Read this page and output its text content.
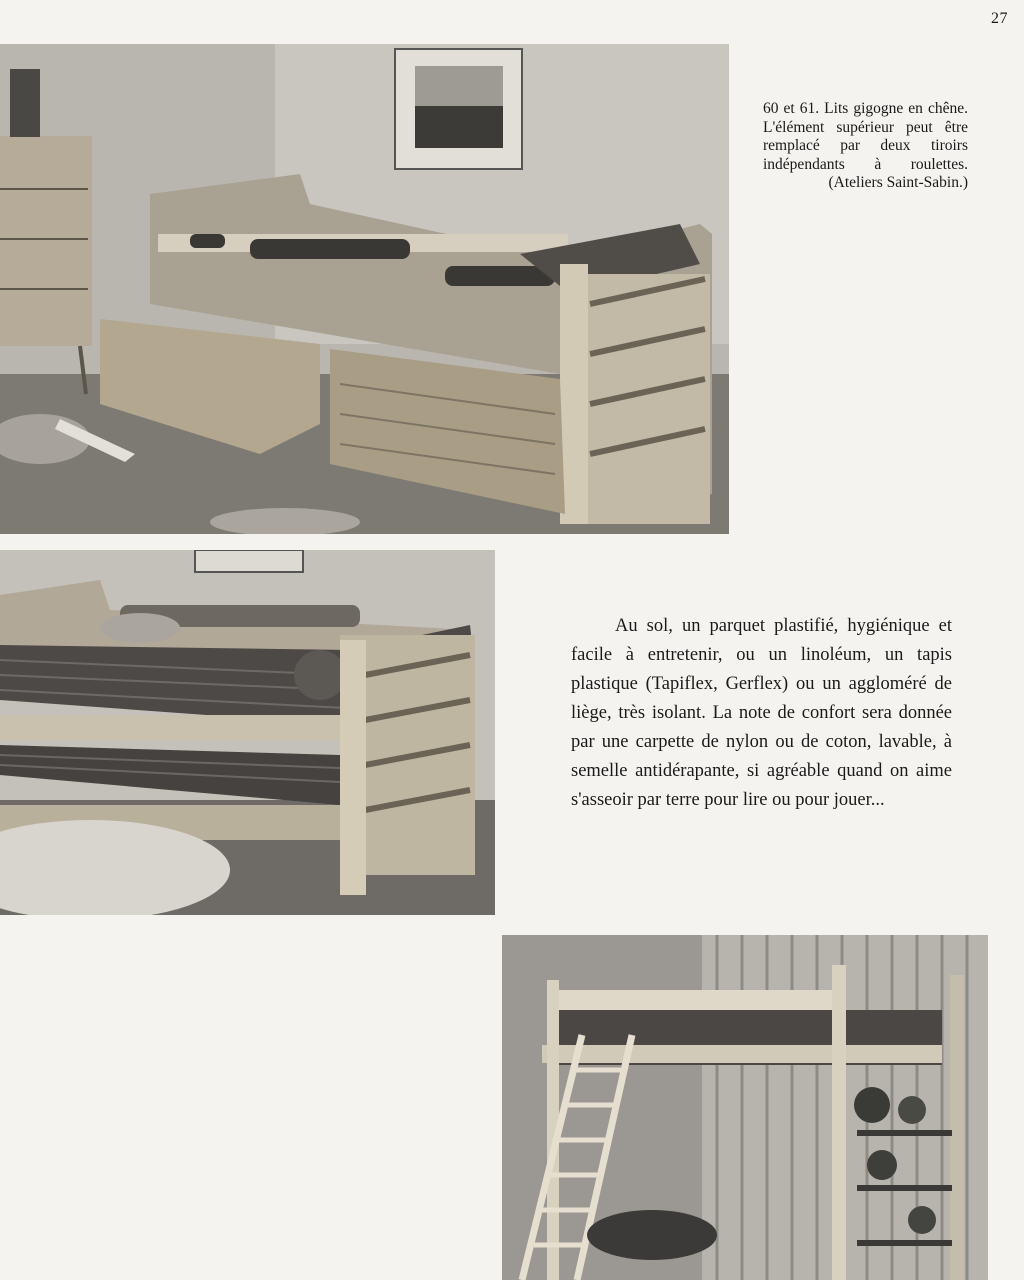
27
60 et 61. Lits gigogne en chêne. L'élément supérieur peut être remplacé par deux tiroirs indépendants à roulettes. (Ateliers Saint-Sabin.)
Au sol, un parquet plastifié, hygiénique et facile à entretenir, ou un linoléum, un tapis plastique (Tapiflex, Gerflex) ou un aggloméré de liège, très isolant. La note de confort sera donnée par une carpette de nylon ou de coton, lavable, à semelle antidérapante, si agréable quand on aime s'asseoir par terre pour lire ou pour jouer...
